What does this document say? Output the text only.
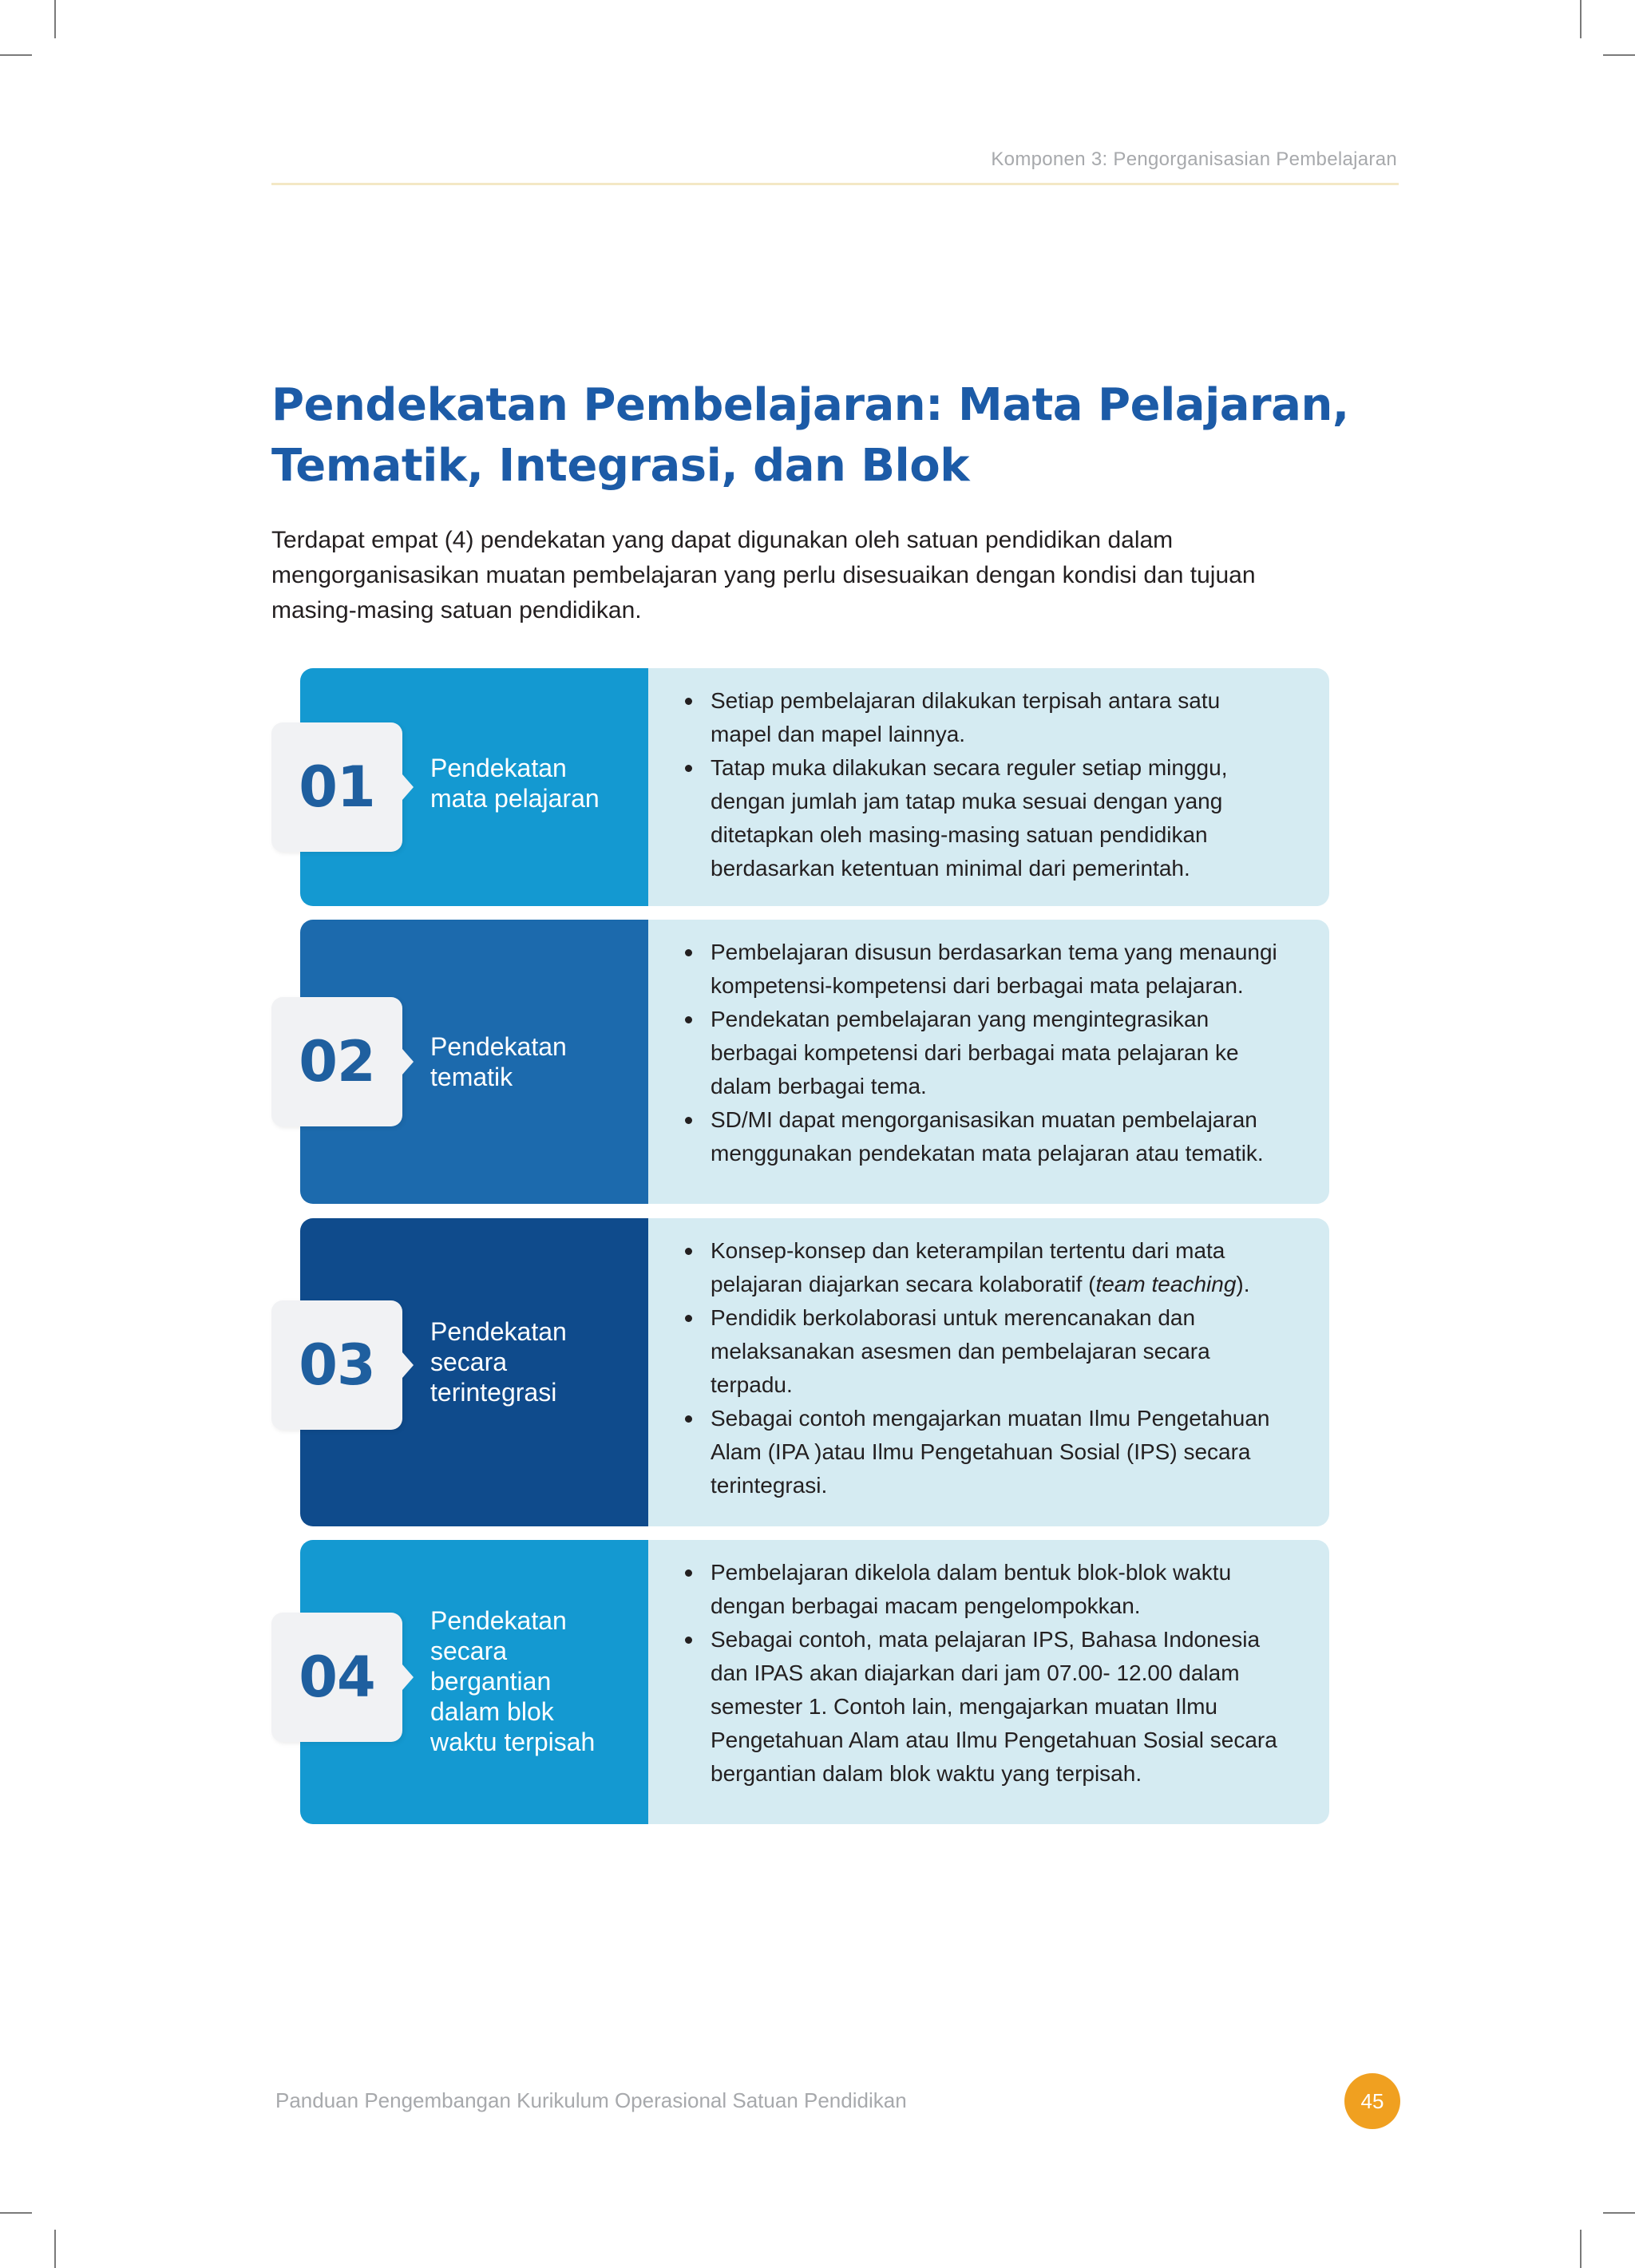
Komponen 3: Pengorganisasian Pembelajaran
Pendekatan Pembelajaran: Mata Pelajaran,
Tematik, Integrasi, dan Blok

Terdapat empat (4) pendekatan yang dapat digunakan oleh satuan pendidikan dalam
mengorganisasikan muatan pembelajaran yang perlu disesuaikan dengan kondisi dan tujuan
masing-masing satuan pendidikan.

01 Pendekatan
mata pelajaran
Setiap pembelajaran dilakukan terpisah antara satu
mapel dan mapel lainnya.
Tatap muka dilakukan secara reguler setiap minggu,
dengan jumlah jam tatap muka sesuai dengan yang
ditetapkan oleh masing-masing satuan pendidikan
berdasarkan ketentuan minimal dari pemerintah.
02 Pendekatan
tematik
Pembelajaran disusun berdasarkan tema yang menaungi
kompetensi-kompetensi dari berbagai mata pelajaran.
Pendekatan pembelajaran yang mengintegrasikan
berbagai kompetensi dari berbagai mata pelajaran ke
dalam berbagai tema.
SD/MI dapat mengorganisasikan muatan pembelajaran
menggunakan pendekatan mata pelajaran atau tematik.
03
Pendekatan
secara
terintegrasi
Konsep-konsep dan keterampilan tertentu dari mata
pelajaran diajarkan secara kolaboratif (team teaching).
Pendidik berkolaborasi untuk merencanakan dan
melaksanakan asesmen dan pembelajaran secara
terpadu.
Sebagai contoh mengajarkan muatan Ilmu Pengetahuan
Alam (IPA )atau Ilmu Pengetahuan Sosial (IPS) secara
terintegrasi.
04
Pendekatan
secara
bergantian
dalam blok
waktu terpisah
Pembelajaran dikelola dalam bentuk blok-blok waktu
dengan berbagai macam pengelompokkan.
Sebagai contoh, mata pelajaran IPS, Bahasa Indonesia
dan IPAS akan diajarkan dari jam 07.00- 12.00 dalam
semester 1. Contoh lain, mengajarkan muatan Ilmu
Pengetahuan Alam atau Ilmu Pengetahuan Sosial secara
bergantian dalam blok waktu yang terpisah.
Panduan Pengembangan Kurikulum Operasional Satuan Pendidikan	45
